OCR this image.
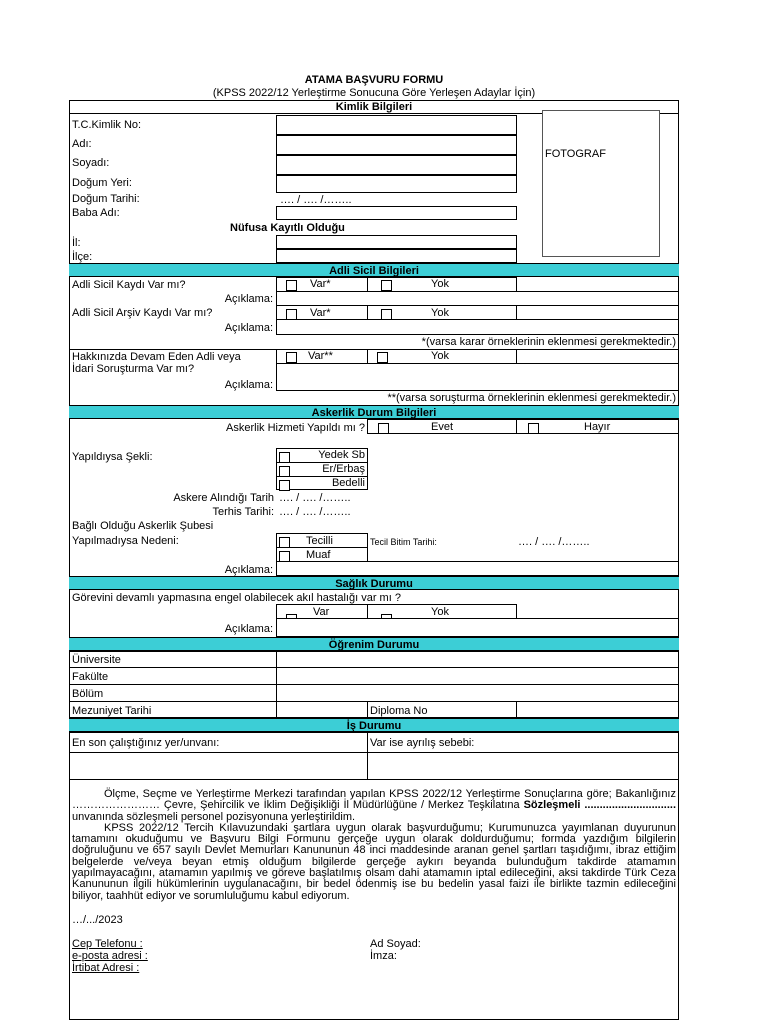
ATAMA BAŞVURU FORMU
(KPSS 2022/12 Yerleştirme Sonucuna Göre Yerleşen Adaylar İçin)
Kimlik Bilgileri
T.C.Kimlik No:
Adı:
Soyadı:
Doğum Yeri:
Doğum Tarihi:	…. / …. /……..
Baba Adı:
Nüfusa Kayıtlı Olduğu
İl:
İlçe:
FOTOGRAF
Adli Sicil Bilgileri
Adli Sicil Kaydı Var mı?	Var*	Yok
Açıklama:
Adli Sicil Arşiv Kaydı Var mı?	Var*	Yok
Açıklama:
*(varsa karar örneklerinin eklenmesi gerekmektedir.)
Hakkınızda Devam Eden Adli veya
İdari Soruşturma Var mı?
Var**	Yok
Açıklama:
**(varsa soruşturma örneklerinin eklenmesi gerekmektedir.)
Askerlik Durum Bilgileri
Askerlik Hizmeti Yapıldı mı ?	Evet	Hayır
Yapıldıysa Şekli:	Yedek Sb
Er/Erbaş
Bedelli
Askere Alındığı Tarih …. / …. /……..
Terhis Tarihi: …. / …. /……..
Bağlı Olduğu Askerlik Şubesi
Yapılmadıysa Nedeni:	Tecilli
Muaf
Tecil Bitim Tarihi:	…. / …. /……..
Açıklama:
Sağlık Durumu
Görevini devamlı yapmasına engel olabilecek akıl hastalığı var mı ?
Var	Yok
Açıklama:
Öğrenim Durumu
Üniversite
Fakülte
Bölüm
Mezuniyet Tarihi	Diploma No
İş Durumu
En son çalıştığınız yer/unvanı:	Var ise ayrılış sebebi:

Ölçme, Seçme ve Yerleştirme Merkezi tarafından yapılan KPSS 2022/12 Yerleştirme Sonuçlarına göre; Bakanlığınız …………………… Çevre, Şehircilik ve İklim Değişikliği İl Müdürlüğüne / Merkez Teşkilatına Sözleşmeli .............................. unvanında sözleşmeli personel pozisyonuna yerleştirildim.

KPSS 2022/12 Tercih Kılavuzundaki şartlara uygun olarak başvurduğumu; Kurumunuzca yayımlanan duyurunun tamamını okuduğumu ve Başvuru Bilgi Formunu gerçeğe uygun olarak doldurduğumu; formda yazdığım bilgilerin doğruluğunu ve 657 sayılı Devlet Memurları Kanununun 48 inci maddesinde aranan genel şartları taşıdığımı, ibraz ettiğim belgelerde ve/veya beyan etmiş olduğum bilgilerde gerçeğe aykırı beyanda bulunduğum takdirde atamamın yapılmayacağını, atamamın yapılmış ve göreve başlatılmış olsam dahi atamamın iptal edileceğini, aksi takdirde Türk Ceza Kanununun ilgili hükümlerinin uygulanacağını, bir bedel ödenmiş ise bu bedelin yasal faizi ile birlikte tazmin edileceğini biliyor, taahhüt ediyor ve sorumluluğumu kabul ediyorum.

…/.../2023
Cep Telefonu :
e-posta adresi :
İrtibat Adresi :
Ad Soyad:
İmza:
